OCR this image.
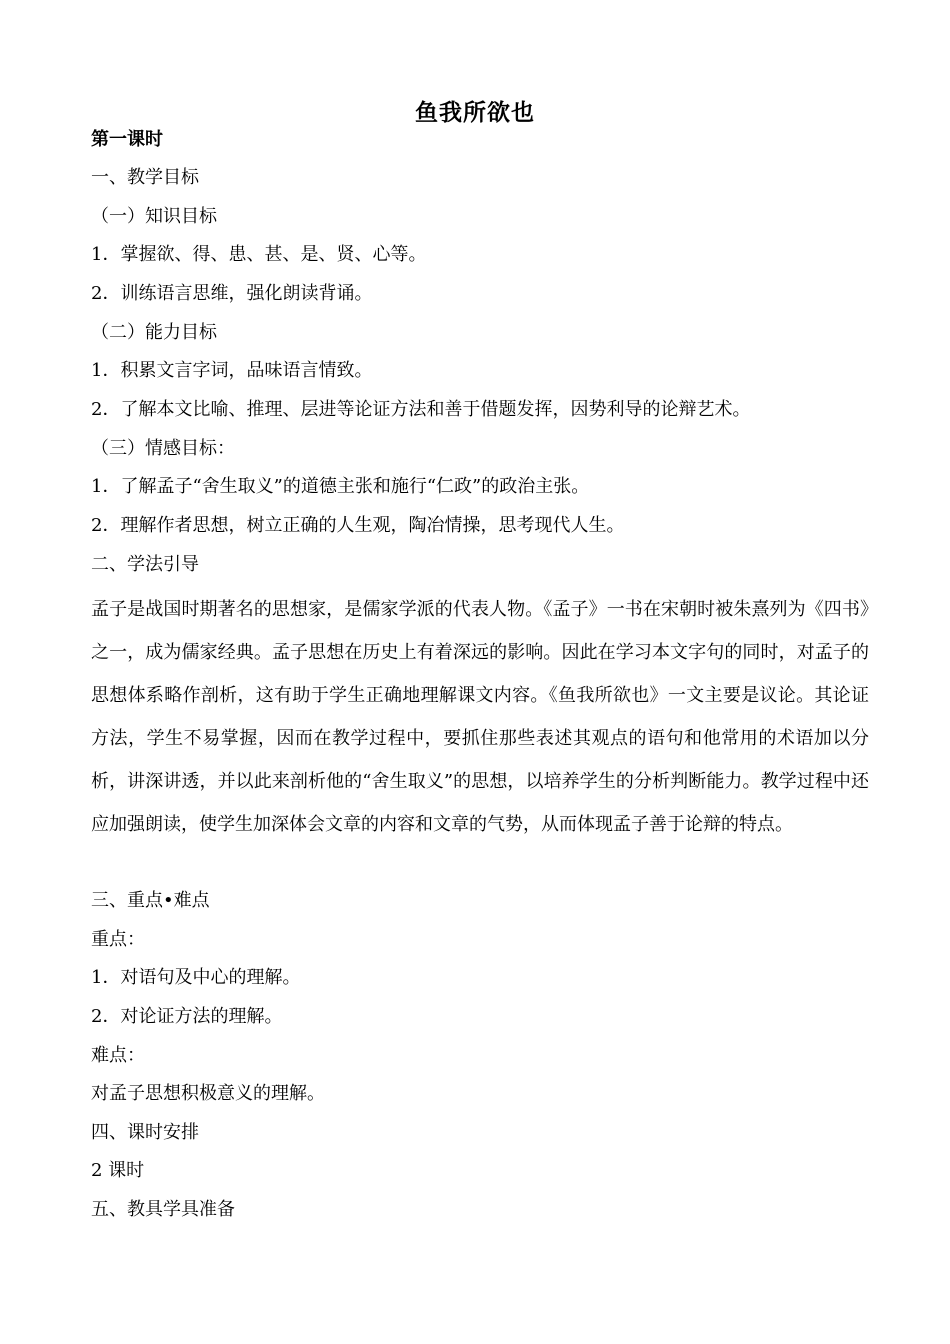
鱼我所欲也
第一课时
一、教学目标
（一）知识目标
1．掌握欲、得、患、甚、是、贤、心等。
2．训练语言思维，强化朗读背诵。
（二）能力目标
1．积累文言字词，品味语言情致。
2．了解本文比喻、推理、层进等论证方法和善于借题发挥，因势利导的论辩艺术。
（三）情感目标：
1．了解孟子“舍生取义”的道德主张和施行“仁政”的政治主张。
2．理解作者思想，树立正确的人生观，陶冶情操，思考现代人生。
二、学法引导
孟子是战国时期著名的思想家，是儒家学派的代表人物。《孟子》一书在宋朝时被朱熹列为《四书》之一，成为儒家经典。孟子思想在历史上有着深远的影响。因此在学习本文字句的同时，对孟子的思想体系略作剖析，这有助于学生正确地理解课文内容。《鱼我所欲也》一文主要是议论。其论证方法，学生不易掌握，因而在教学过程中，要抓住那些表述其观点的语句和他常用的术语加以分析，讲深讲透，并以此来剖析他的“舍生取义”的思想，以培养学生的分析判断能力。教学过程中还应加强朗读，使学生加深体会文章的内容和文章的气势，从而体现孟子善于论辩的特点。
三、重点•难点
重点：
1．对语句及中心的理解。
2．对论证方法的理解。
难点：
对孟子思想积极意义的理解。
四、课时安排
2 课时
五、教具学具准备
